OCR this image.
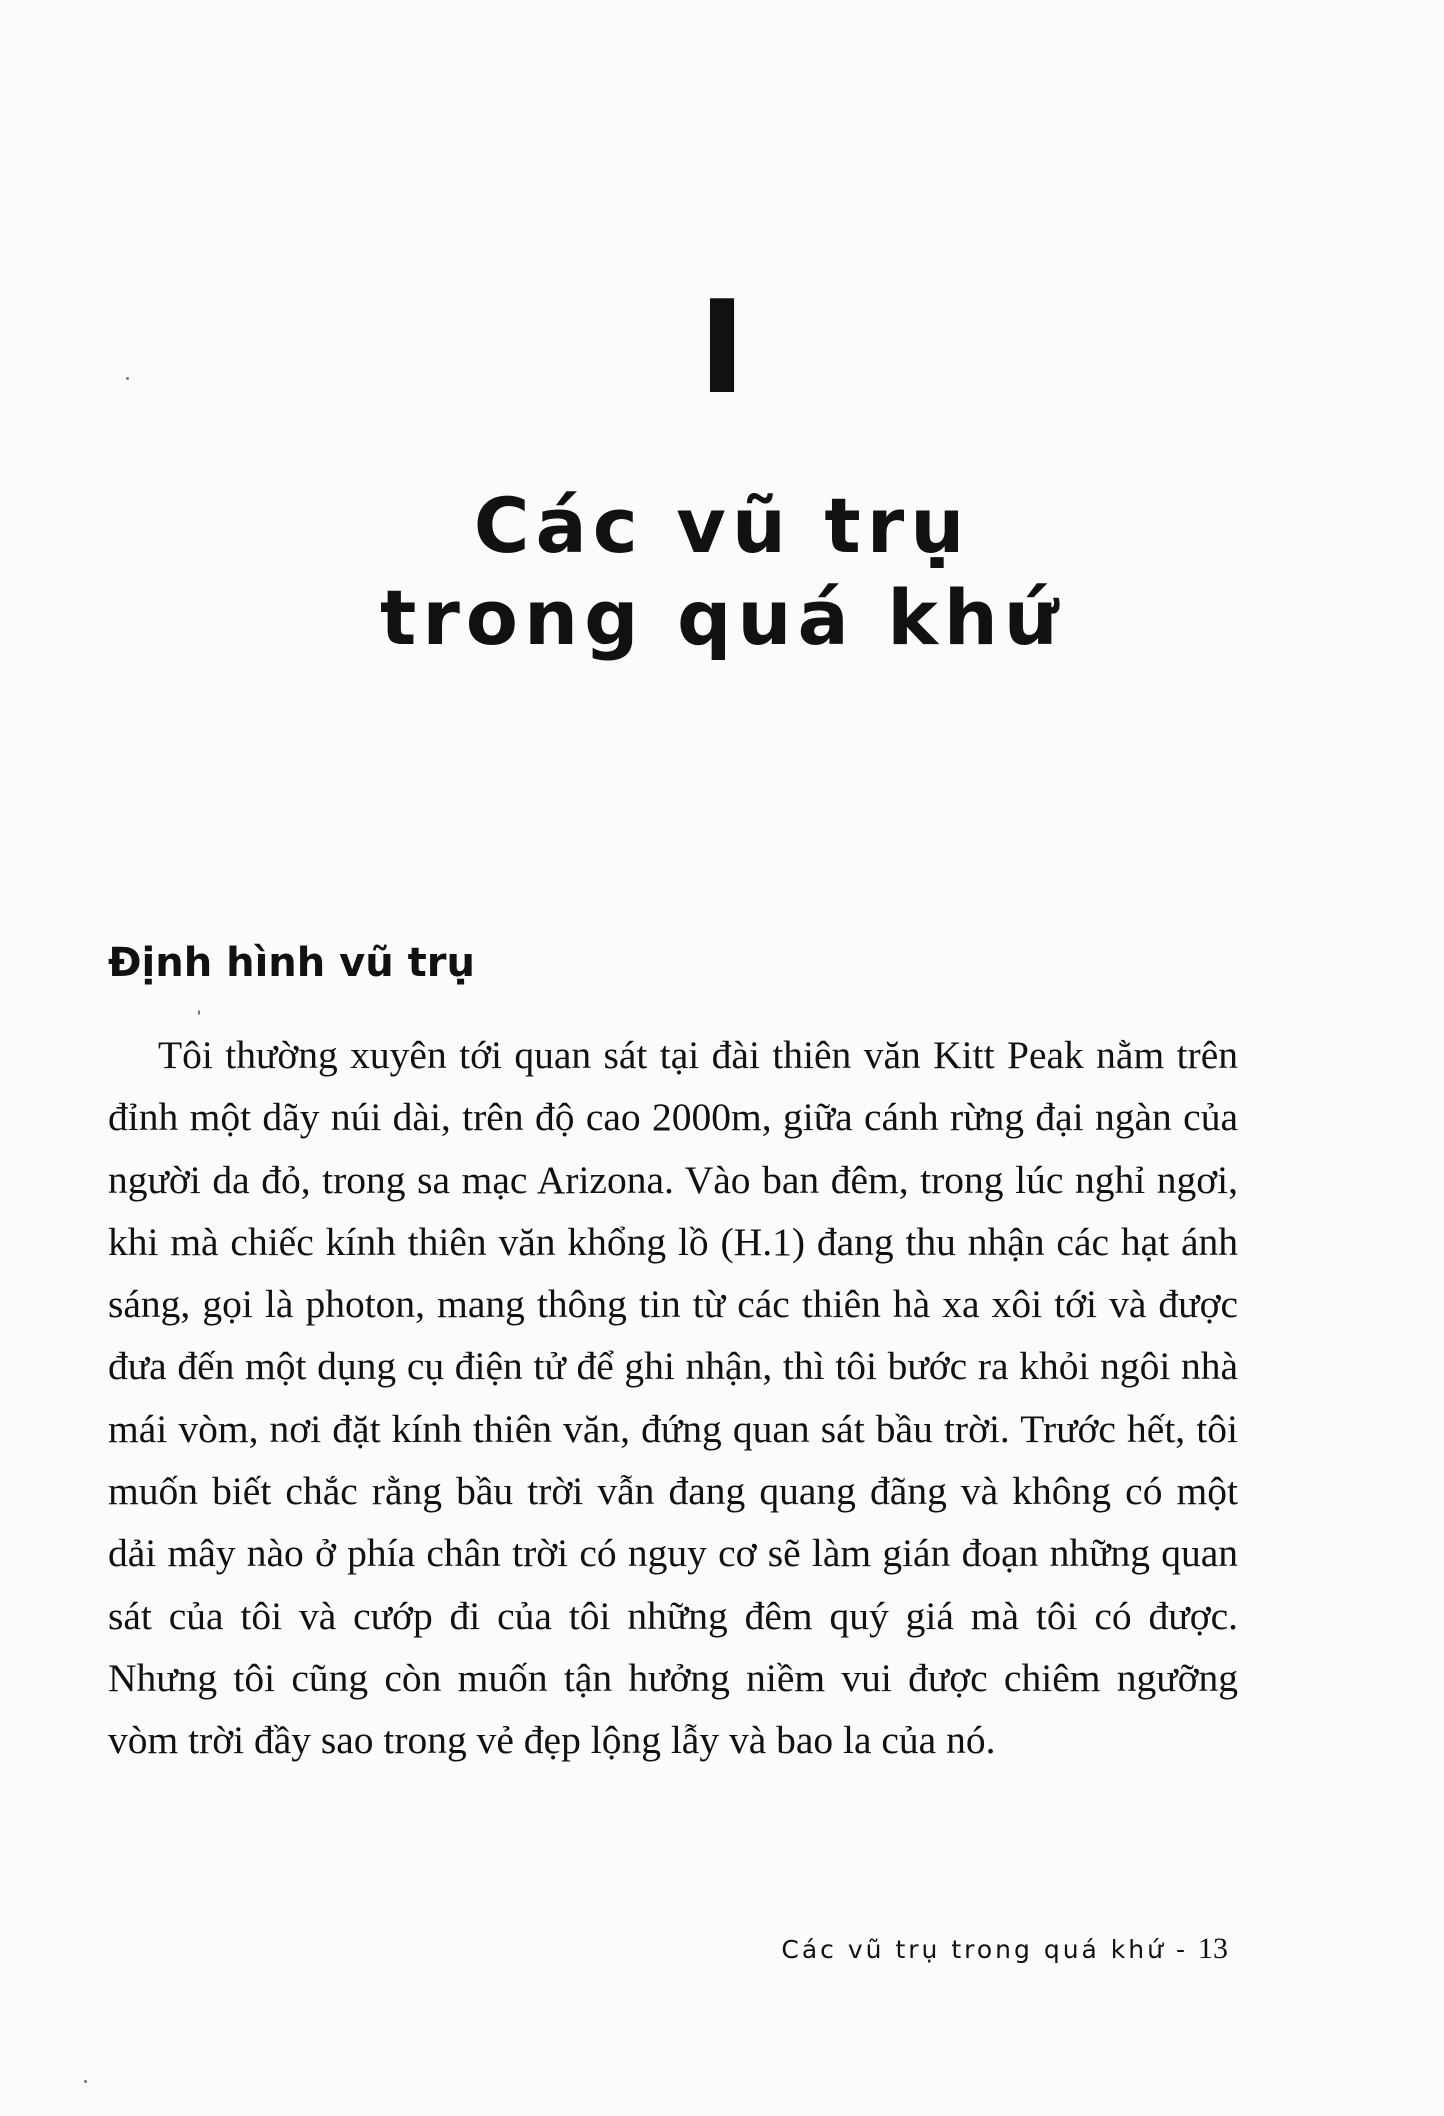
I
Các vũ trụ
trong quá khứ
Định hình vũ trụ

Tôi thường xuyên tới quan sát tại đài thiên văn Kitt Peak nằm trên đỉnh một dãy núi dài, trên độ cao 2000m, giữa cánh rừng đại ngàn của người da đỏ, trong sa mạc Arizona. Vào ban đêm, trong lúc nghỉ ngơi, khi mà chiếc kính thiên văn khổng lồ (H.1) đang thu nhận các hạt ánh sáng, gọi là photon, mang thông tin từ các thiên hà xa xôi tới và được đưa đến một dụng cụ điện tử để ghi nhận, thì tôi bước ra khỏi ngôi nhà mái vòm, nơi đặt kính thiên văn, đứng quan sát bầu trời. Trước hết, tôi muốn biết chắc rằng bầu trời vẫn đang quang đãng và không có một dải mây nào ở phía chân trời có nguy cơ sẽ làm gián đoạn những quan sát của tôi và cướp đi của tôi những đêm quý giá mà tôi có được. Nhưng tôi cũng còn muốn tận hưởng niềm vui được chiêm ngưỡng vòm trời đầy sao trong vẻ đẹp lộng lẫy và bao la của nó.

Các vũ trụ trong quá khứ - 13
